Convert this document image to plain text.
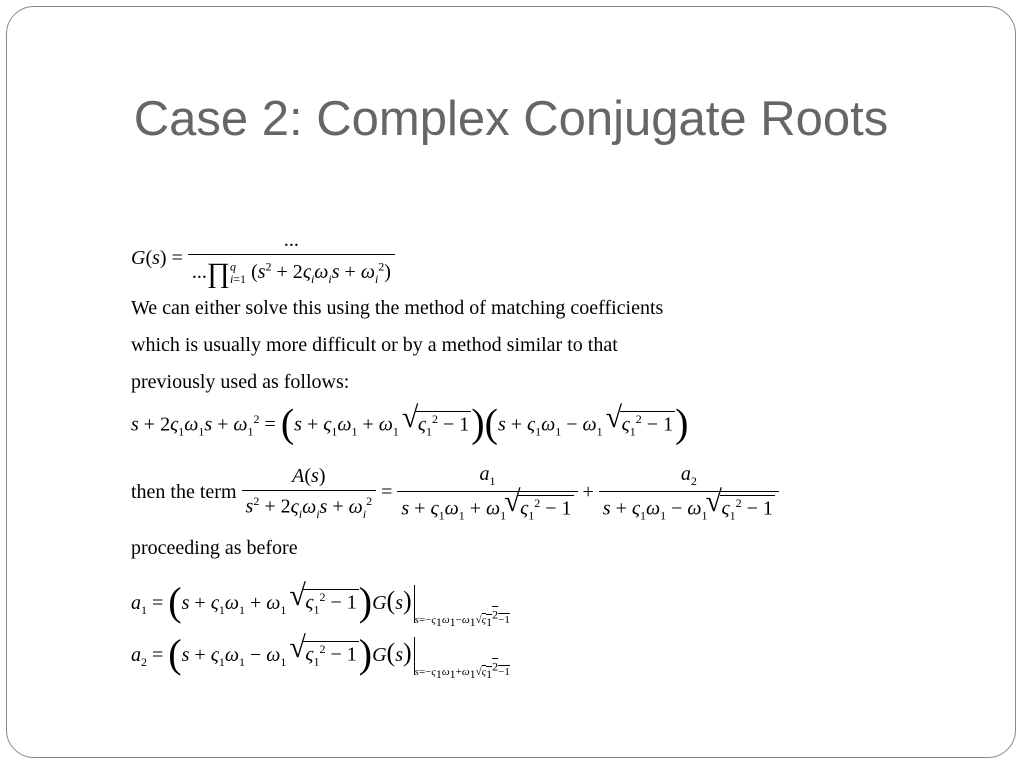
Case 2: Complex Conjugate Roots
$G(s) = \frac{...}{...\prod^q_{i=1} (s^2 + 2\varsigma_i\omega_is + \omega_i^2)}$
We can either solve this using the method of matching coefficients
which is usually more difficult or by a method similar to that
previously used as follows:
$s + 2\varsigma_1\omega_1s + \omega_1^2 = (s + \varsigma_1\omega_1 + \omega_1$ √ $\varsigma_1^2 - 1)(s + \varsigma_1\omega_1 - \omega_1$ √ $\varsigma_1^2 - 1$)
then the term $\frac{A(s)}{s^2 + 2\varsigma_i\omega_is + \omega_i^2} = \frac{a_1}{s + \varsigma_1\omega_1 + \omega_1 √ \varsigma_1^2 - 1} + \frac{a_2}{s + \varsigma_1\omega_1 - \omega_1 √ \varsigma_1^2 - 1}$
proceeding as before
$a_1 = (s + \varsigma_1\omega_1 + \omega_1$ √ $\varsigma_1^2 - 1)G(s)_{s=-\varsigma_1\omega_1-\omega_1√\varsigma_1^2-1}$
$a_2 = (s + \varsigma_1\omega_1 - \omega_1$ √ $\varsigma_1^2 - 1)G(s)_{s=-\varsigma_1\omega_1+\omega_1√\varsigma_1^2-1}$
